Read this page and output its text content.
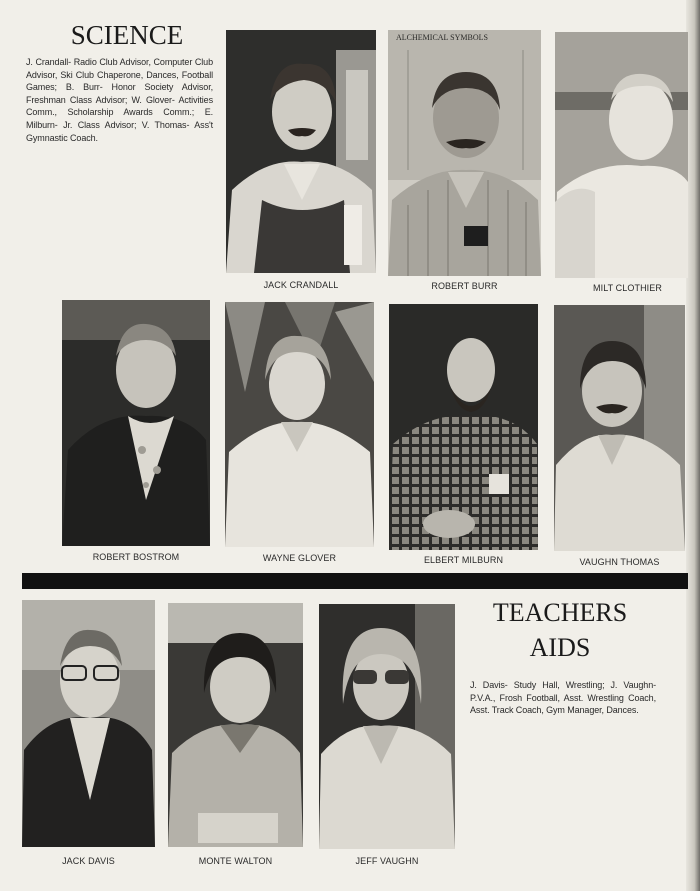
SCIENCE
J. Crandall- Radio Club Advisor, Computer Club Advisor, Ski Club Chaperone, Dances, Football Games; B. Burr- Honor Society Advisor, Freshman Class Advisor; W. Glover- Activities Comm., Scholarship Awards Comm.; E. Milburn- Jr. Class Advisor; V. Thomas- Ass't Gymnastic Coach.
JACK CRANDALL
ALCHEMICAL SYMBOLS
ROBERT BURR	MILT CLOTHIER
ROBERT BOSTROM	WAYNE GLOVER	ELBERT MILBURN	VAUGHN THOMAS
JACK DAVIS	MONTE WALTON	JEFF VAUGHN
TEACHERS
AIDS
J. Davis- Study Hall, Wrestling; J. Vaughn- P.V.A., Frosh Football, Asst. Wrestling Coach, Asst. Track Coach, Gym Manager, Dances.
